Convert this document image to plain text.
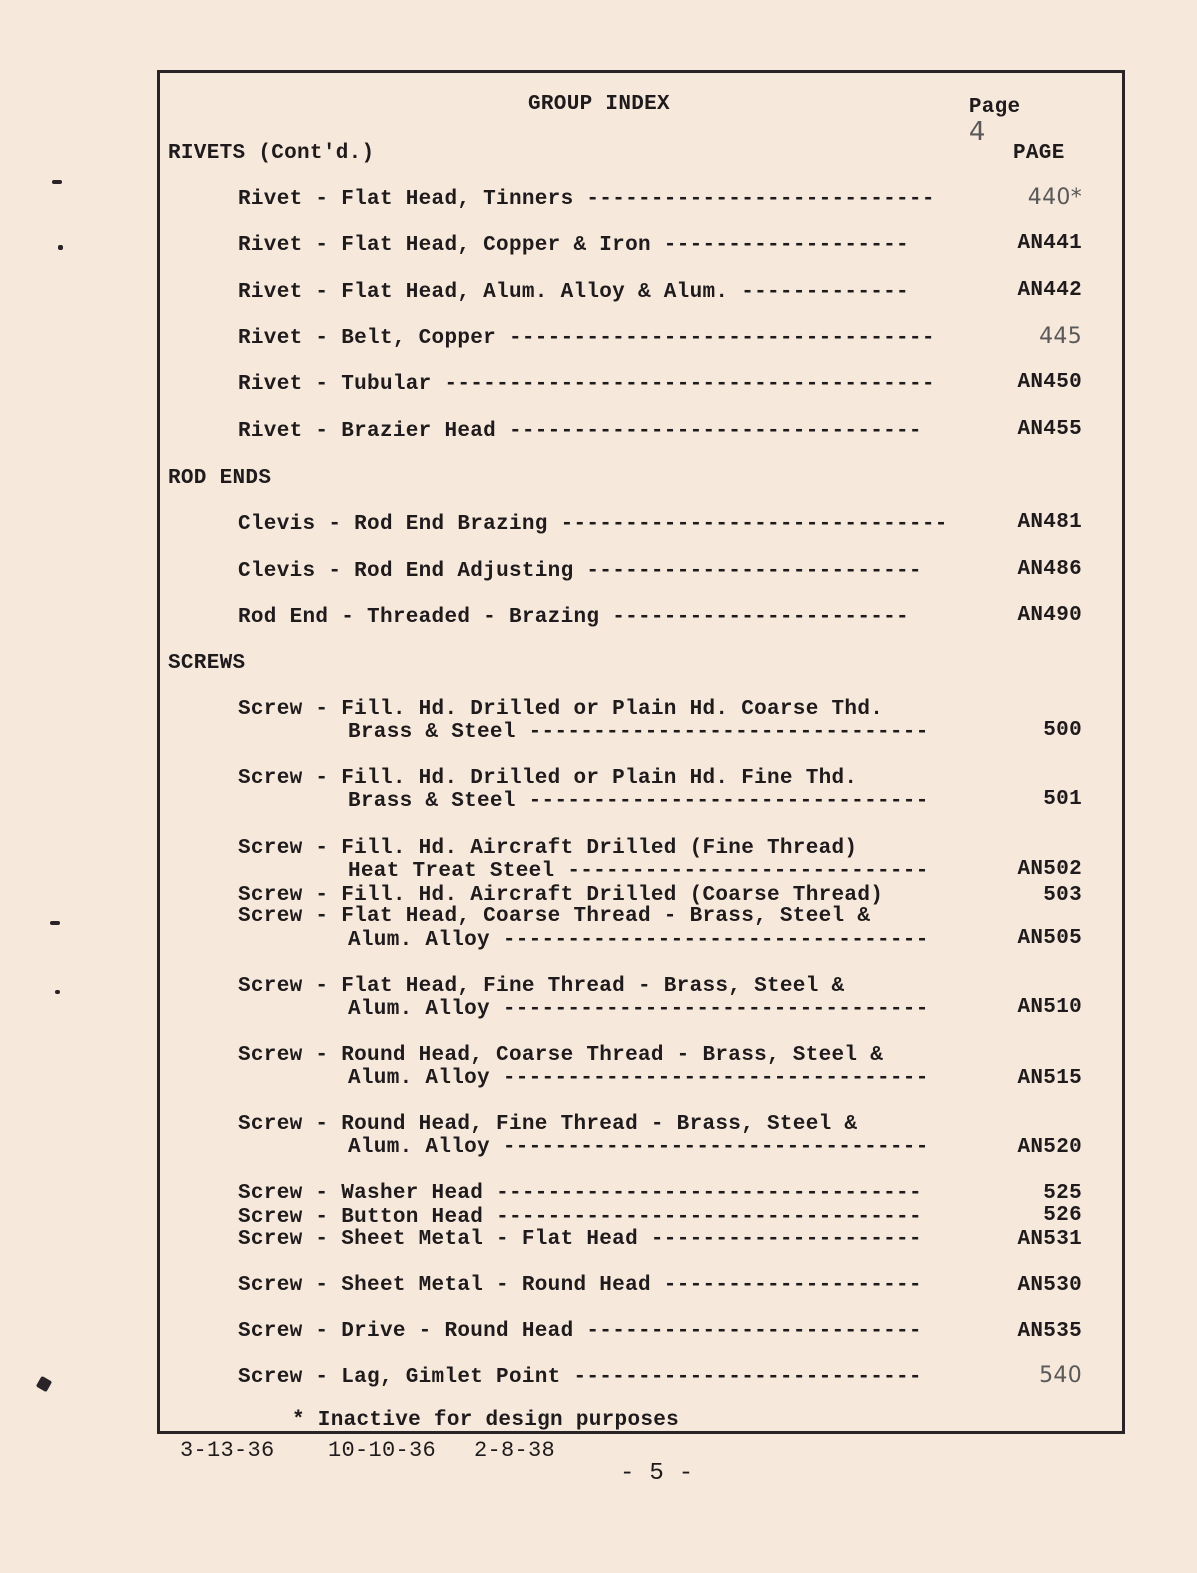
GROUP INDEX	Page
4

RIVETS (Cont'd.)	PAGE
Rivet - Flat Head, Tinners ---------------------------	440*
Rivet - Flat Head, Copper & Iron -------------------	AN441
Rivet - Flat Head, Alum. Alloy & Alum. -------------	AN442
Rivet - Belt, Copper ---------------------------------	445
Rivet - Tubular --------------------------------------	AN450
Rivet - Brazier Head --------------------------------	AN455
ROD ENDS
Clevis - Rod End Brazing ------------------------------	AN481
Clevis - Rod End Adjusting --------------------------	AN486
Rod End - Threaded - Brazing -----------------------	AN490
SCREWS
Screw - Fill. Hd. Drilled or Plain Hd. Coarse Thd.
Brass & Steel -------------------------------	500
Screw - Fill. Hd. Drilled or Plain Hd. Fine Thd.
Brass & Steel -------------------------------	501
Screw - Fill. Hd. Aircraft Drilled (Fine Thread)
Heat Treat Steel ----------------------------	AN502
Screw - Fill. Hd. Aircraft Drilled (Coarse Thread)	503
Screw - Flat Head, Coarse Thread - Brass, Steel &
Alum. Alloy ---------------------------------	AN505
Screw - Flat Head, Fine Thread - Brass, Steel &
Alum. Alloy ---------------------------------	AN510
Screw - Round Head, Coarse Thread - Brass, Steel &
Alum. Alloy ---------------------------------	AN515
Screw - Round Head, Fine Thread - Brass, Steel &
Alum. Alloy ---------------------------------	AN520
Screw - Washer Head ---------------------------------	525
Screw - Button Head ---------------------------------	526
Screw - Sheet Metal - Flat Head ---------------------	AN531
Screw - Sheet Metal - Round Head --------------------	AN530
Screw - Drive - Round Head --------------------------	AN535
Screw - Lag, Gimlet Point ---------------------------	540
* Inactive for design purposes
3-13-36 10-10-36 2-8-38
- 5 -
